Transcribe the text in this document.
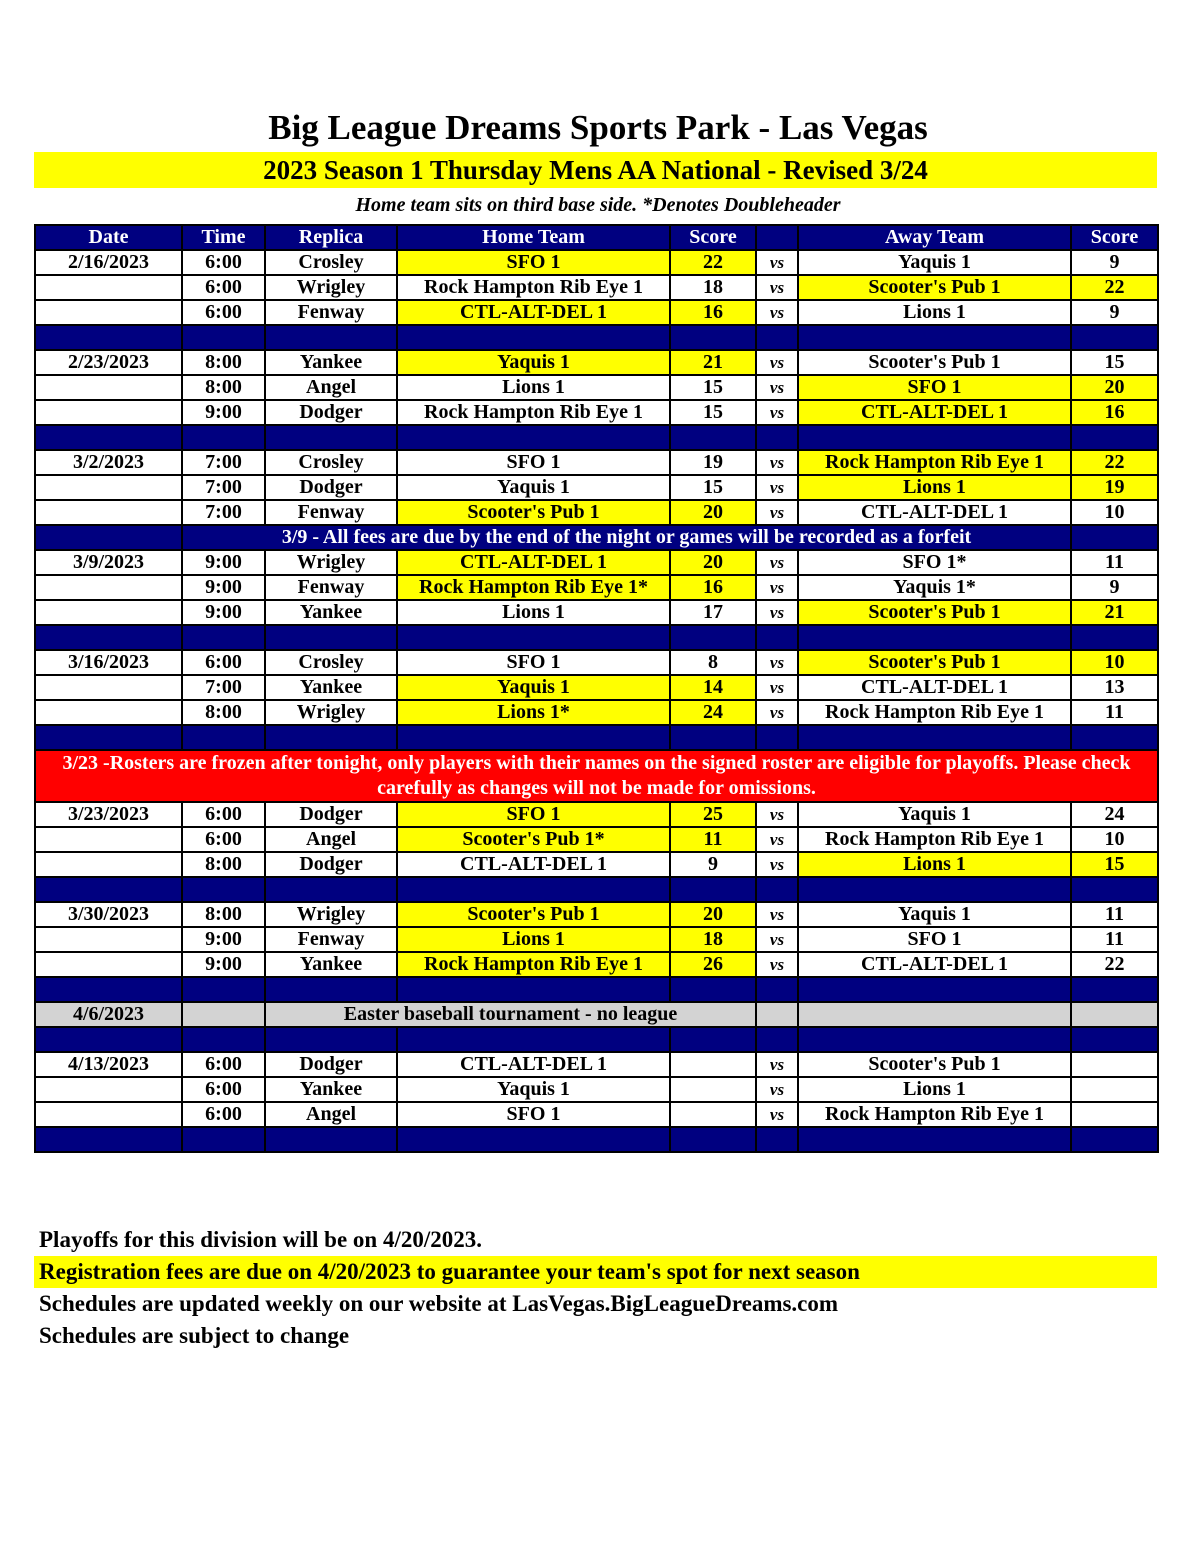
Big League Dreams Sports Park - Las Vegas
2023 Season 1 Thursday Mens AA National - Revised 3/24
Home team sits on third base side. *Denotes Doubleheader
Date	Time	Replica	Home Team	Score		Away Team	Score
2/16/2023	6:00	Crosley	SFO 1	22	vs	Yaquis 1	9
	6:00	Wrigley	Rock Hampton Rib Eye 1	18	vs	Scooter's Pub 1	22
	6:00	Fenway	CTL-ALT-DEL 1	16	vs	Lions 1	9

2/23/2023	8:00	Yankee	Yaquis 1	21	vs	Scooter's Pub 1	15
	8:00	Angel	Lions 1	15	vs	SFO 1	20
	9:00	Dodger	Rock Hampton Rib Eye 1	15	vs	CTL-ALT-DEL 1	16

3/2/2023	7:00	Crosley	SFO 1	19	vs	Rock Hampton Rib Eye 1	22
	7:00	Dodger	Yaquis 1	15	vs	Lions 1	19
	7:00	Fenway	Scooter's Pub 1	20	vs	CTL-ALT-DEL 1	10
	3/9 - All fees are due by the end of the night or games will be recorded as a forfeit						
3/9/2023	9:00	Wrigley	CTL-ALT-DEL 1	20	vs	SFO 1*	11
	9:00	Fenway	Rock Hampton Rib Eye 1*	16	vs	Yaquis 1*	9
	9:00	Yankee	Lions 1	17	vs	Scooter's Pub 1	21

3/16/2023	6:00	Crosley	SFO 1	8	vs	Scooter's Pub 1	10
	7:00	Yankee	Yaquis 1	14	vs	CTL-ALT-DEL 1	13
	8:00	Wrigley	Lions 1*	24	vs	Rock Hampton Rib Eye 1	11

3/23 -Rosters are frozen after tonight, only players with their names on the signed roster are eligible for playoffs. Please check carefully as changes will not be made for omissions.							
3/23/2023	6:00	Dodger	SFO 1	25	vs	Yaquis 1	24
	6:00	Angel	Scooter's Pub 1*	11	vs	Rock Hampton Rib Eye 1	10
	8:00	Dodger	CTL-ALT-DEL 1	9	vs	Lions 1	15

3/30/2023	8:00	Wrigley	Scooter's Pub 1	20	vs	Yaquis 1	11
	9:00	Fenway	Lions 1	18	vs	SFO 1	11
	9:00	Yankee	Rock Hampton Rib Eye 1	26	vs	CTL-ALT-DEL 1	22

4/6/2023		Easter baseball tournament - no league					

4/13/2023	6:00	Dodger	CTL-ALT-DEL 1		vs	Scooter's Pub 1	
	6:00	Yankee	Yaquis 1		vs	Lions 1	
	6:00	Angel	SFO 1		vs	Rock Hampton Rib Eye 1	

Playoffs for this division will be on 4/20/2023.
Registration fees are due on 4/20/2023 to guarantee your team's spot for next season
Schedules are updated weekly on our website at LasVegas.BigLeagueDreams.com
Schedules are subject to change
